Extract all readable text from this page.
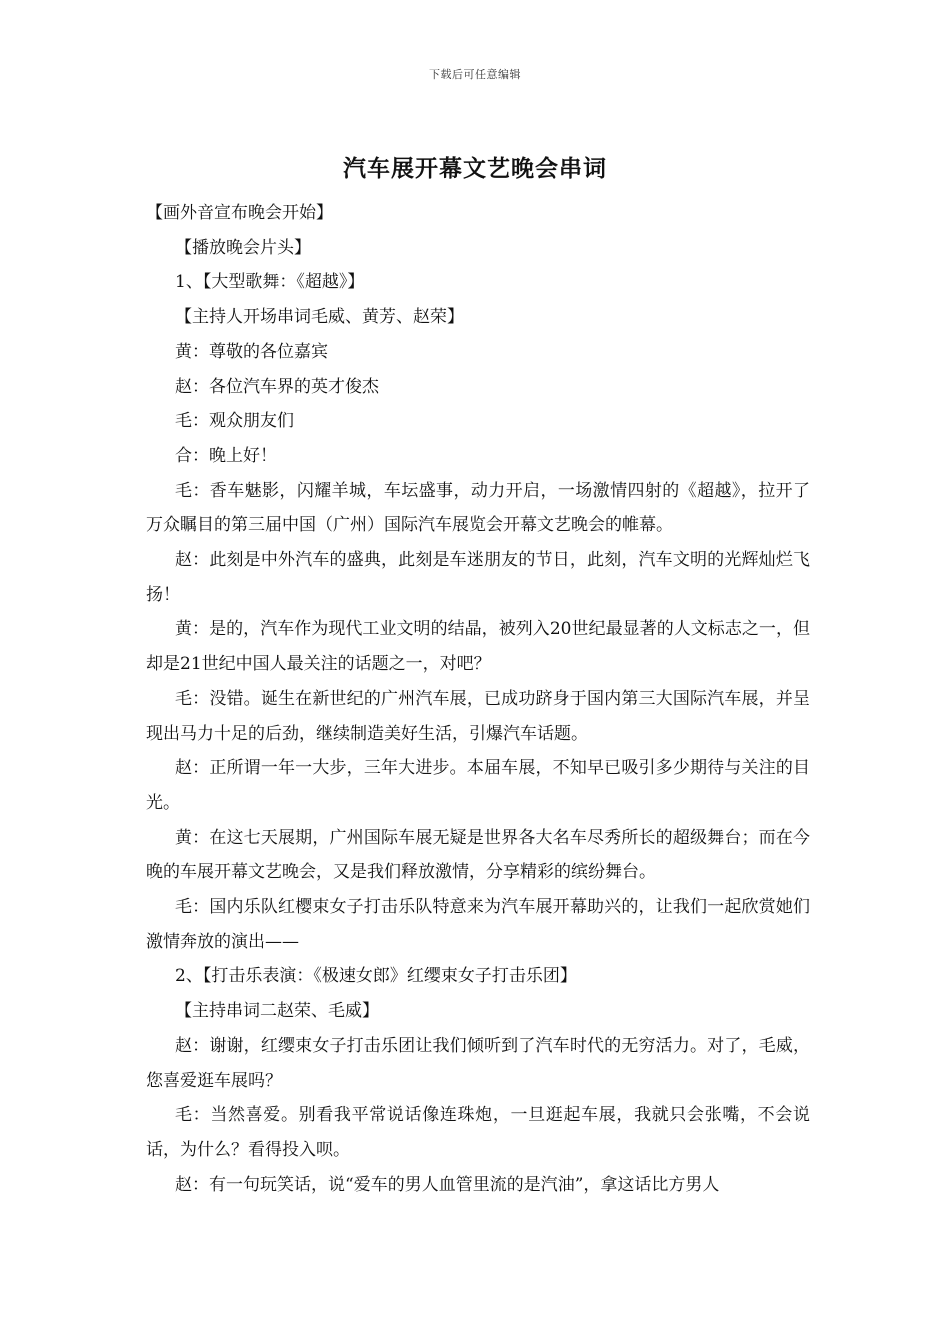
下载后可任意编辑
汽车展开幕文艺晚会串词

【画外音宣布晚会开始】

【播放晚会片头】

1、【大型歌舞：《超越》】

【主持人开场串词毛威、黄芳、赵荣】

黄：尊敬的各位嘉宾

赵：各位汽车界的英才俊杰

毛：观众朋友们

合：晚上好！

毛：香车魅影，闪耀羊城，车坛盛事，动力开启，一场激情四射的《超越》，拉开了万众瞩目的第三届中国（广州）国际汽车展览会开幕文艺晚会的帷幕。

赵：此刻是中外汽车的盛典，此刻是车迷朋友的节日，此刻，汽车文明的光辉灿烂飞扬！

黄：是的，汽车作为现代工业文明的结晶，被列入20世纪最显著的人文标志之一，但却是21世纪中国人最关注的话题之一，对吧？

毛：没错。诞生在新世纪的广州汽车展，已成功跻身于国内第三大国际汽车展，并呈现出马力十足的后劲，继续制造美好生活，引爆汽车话题。

赵：正所谓一年一大步，三年大进步。本届车展，不知早已吸引多少期待与关注的目光。

黄：在这七天展期，广州国际车展无疑是世界各大名车尽秀所长的超级舞台；而在今晚的车展开幕文艺晚会，又是我们释放激情，分享精彩的缤纷舞台。

毛：国内乐队红樱束女子打击乐队特意来为汽车展开幕助兴的，让我们一起欣赏她们激情奔放的演出——

2、【打击乐表演：《极速女郎》红缨束女子打击乐团】

【主持串词二赵荣、毛威】

赵：谢谢，红缨束女子打击乐团让我们倾听到了汽车时代的无穷活力。对了，毛威，您喜爱逛车展吗？

毛：当然喜爱。别看我平常说话像连珠炮，一旦逛起车展，我就只会张嘴，不会说话，为什么？看得投入呗。

赵：有一句玩笑话，说“爱车的男人血管里流的是汽油”，拿这话比方男人
